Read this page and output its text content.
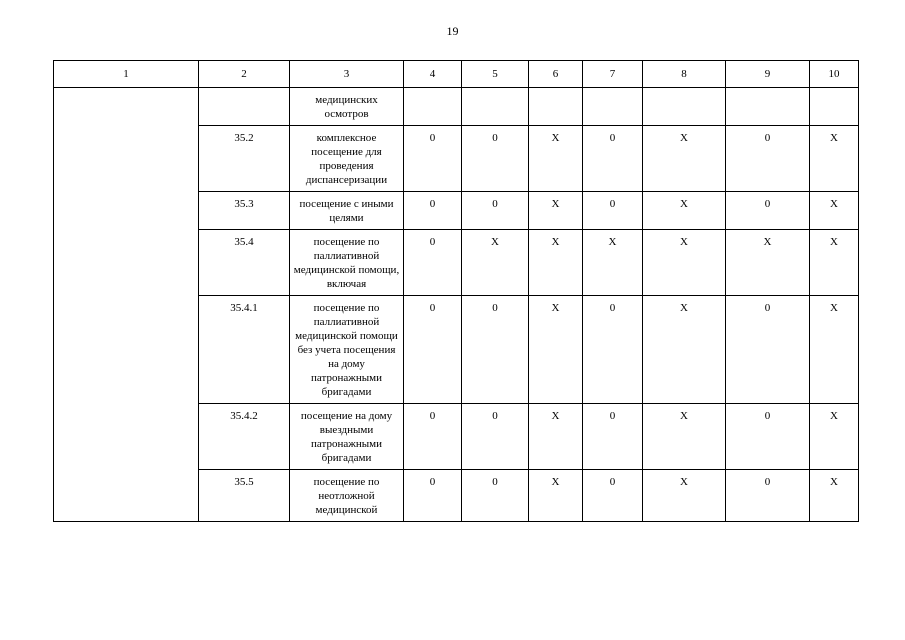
19
1	2	3	4	5	6	7	8	9	10
		медицинских осмотров							
	35.2	комплексное посещение для проведения диспансеризации	0	0	X	0	X	0	X
	35.3	посещение с иными целями	0	0	X	0	X	0	X
	35.4	посещение по паллиативной медицинской помощи, включая	0	X	X	X	X	X	X
	35.4.1	посещение по паллиативной медицинской помощи без учета посещения на дому патронажными бригадами	0	0	X	0	X	0	X
	35.4.2	посещение на дому выездными патронажными бригадами	0	0	X	0	X	0	X
	35.5	посещение по неотложной медицинской	0	0	X	0	X	0	X
